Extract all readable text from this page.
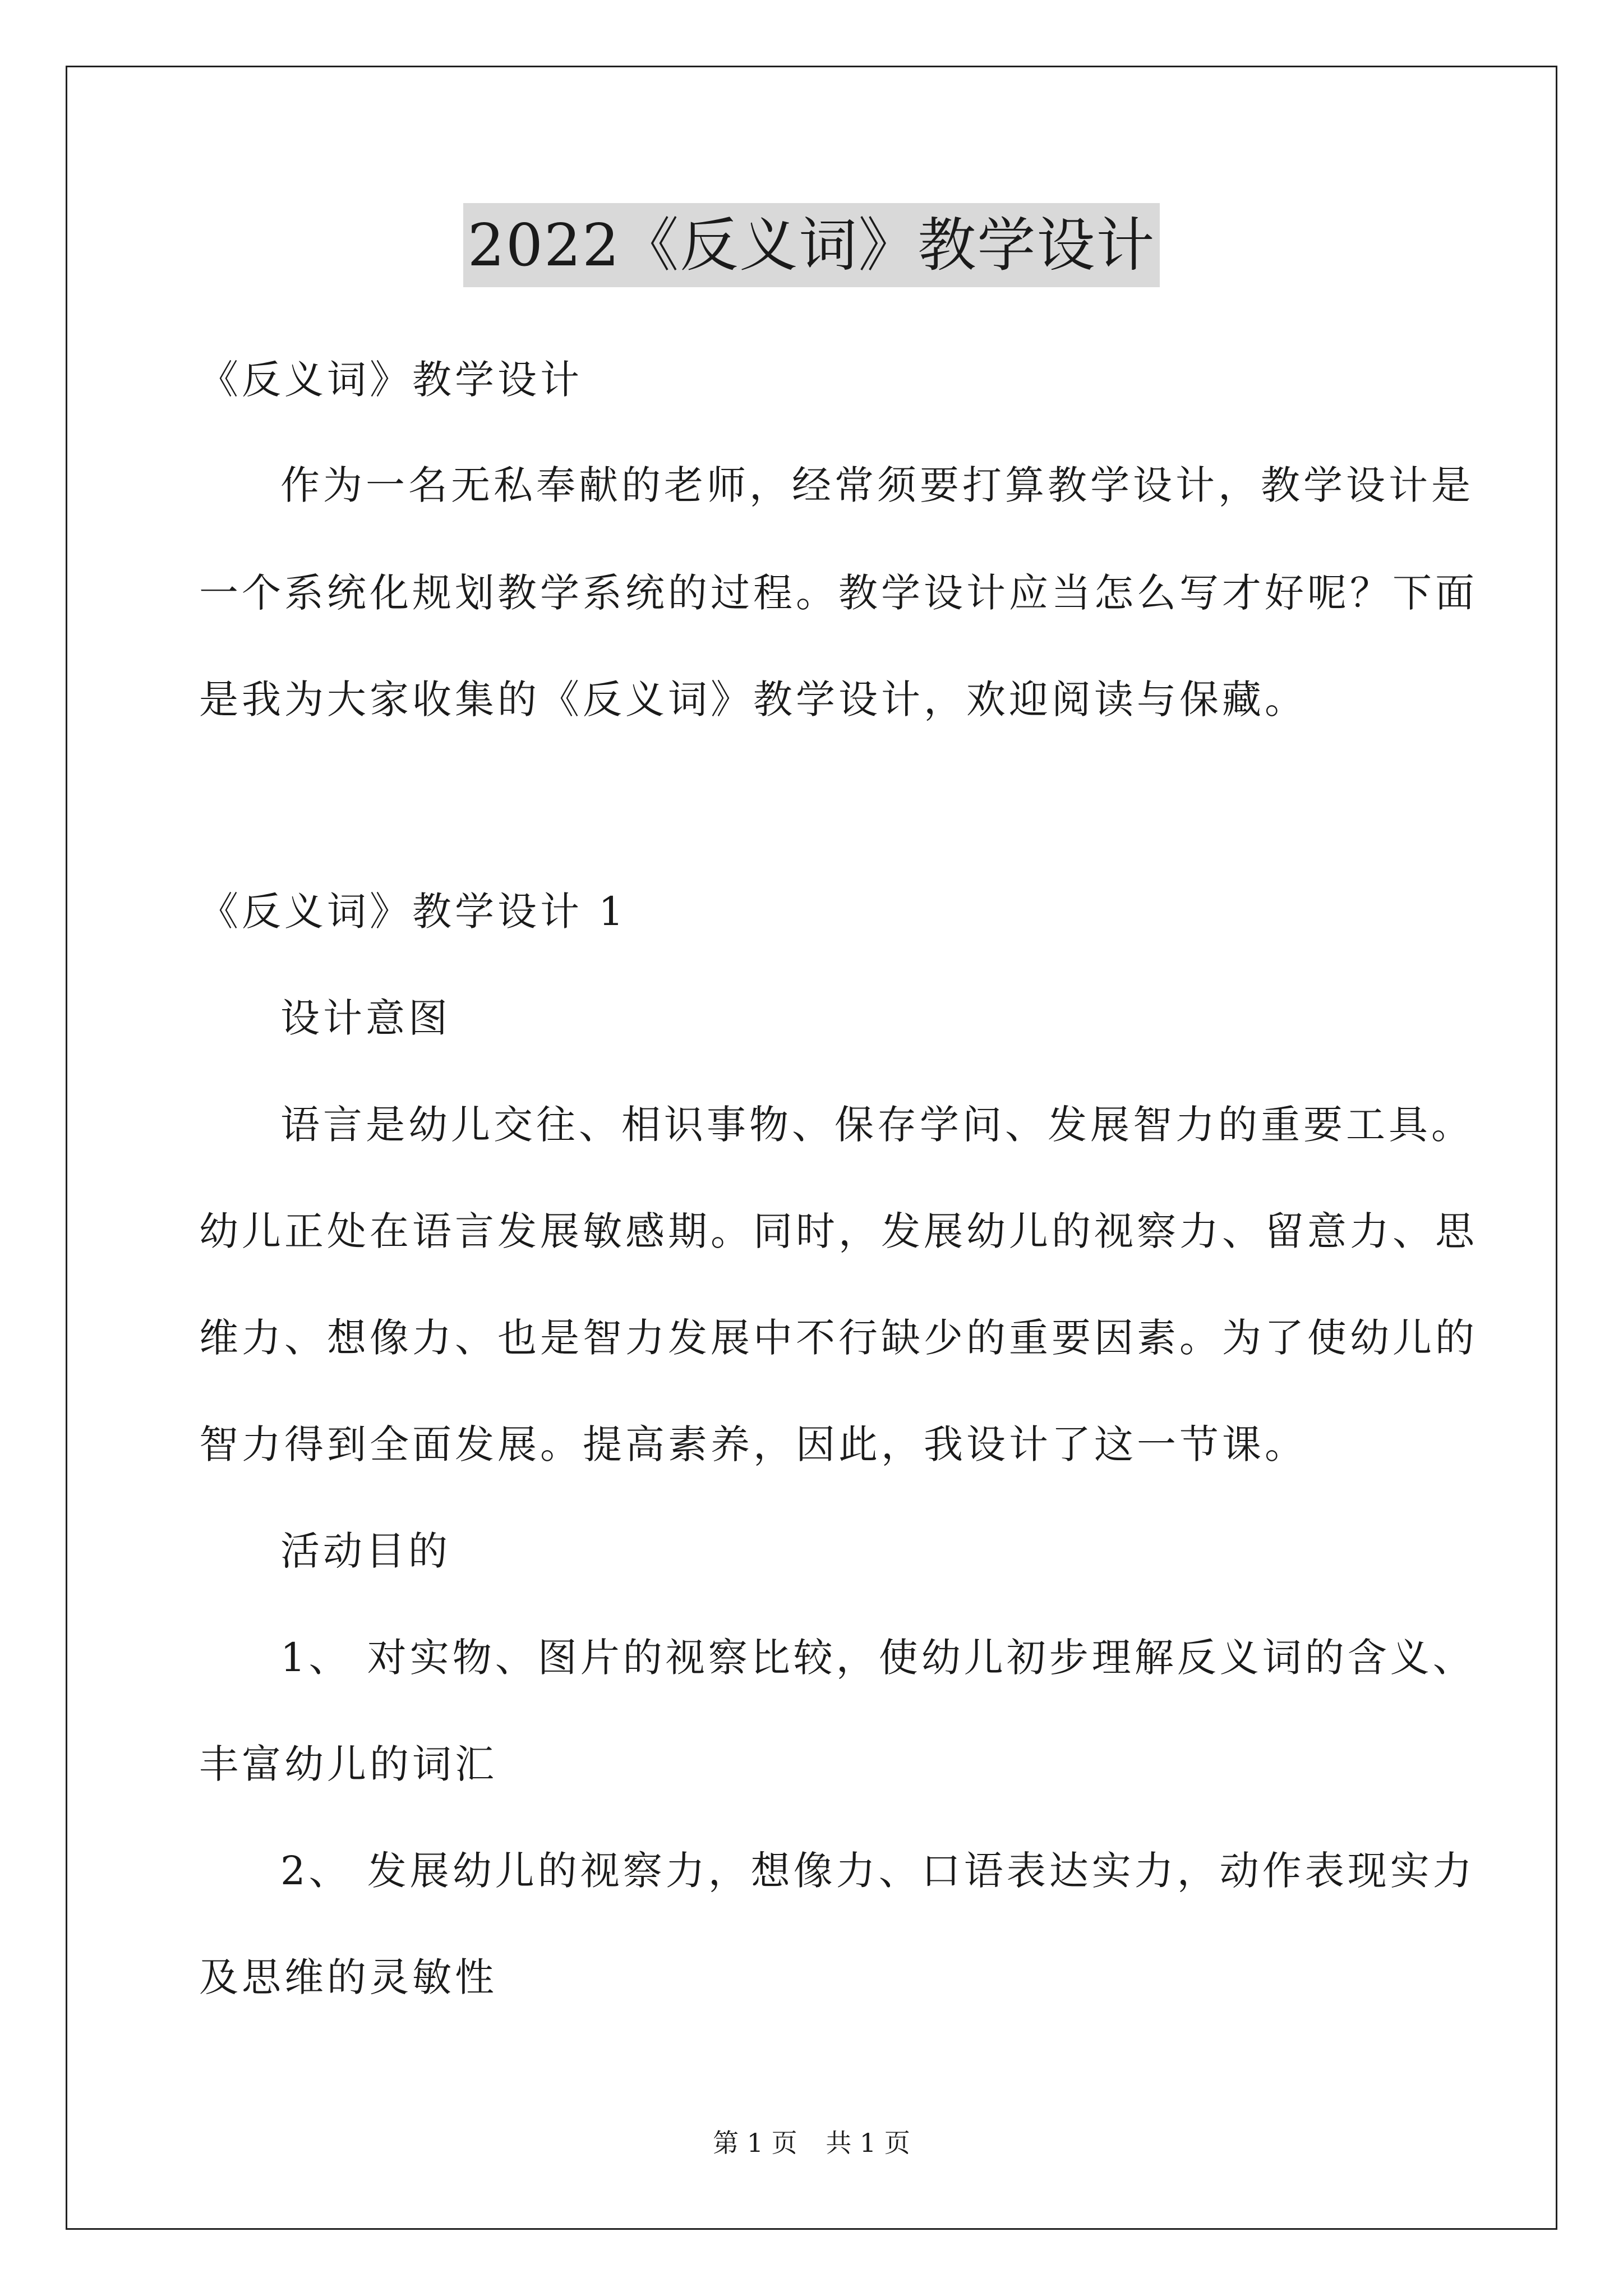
2022《反义词》教学设计
《反义词》教学设计
作为一名无私奉献的老师，经常须要打算教学设计，教学设计是
一个系统化规划教学系统的过程。教学设计应当怎么写才好呢？下面
是我为大家收集的《反义词》教学设计，欢迎阅读与保藏。
《反义词》教学设计 1
设计意图
语言是幼儿交往、相识事物、保存学问、发展智力的重要工具。
幼儿正处在语言发展敏感期。同时，发展幼儿的视察力、留意力、思
维力、想像力、也是智力发展中不行缺少的重要因素。为了使幼儿的
智力得到全面发展。提高素养，因此，我设计了这一节课。
活动目的
1、 对实物、图片的视察比较，使幼儿初步理解反义词的含义、
丰富幼儿的词汇
2、 发展幼儿的视察力，想像力、口语表达实力，动作表现实力
及思维的灵敏性
第 1 页 共 1 页
